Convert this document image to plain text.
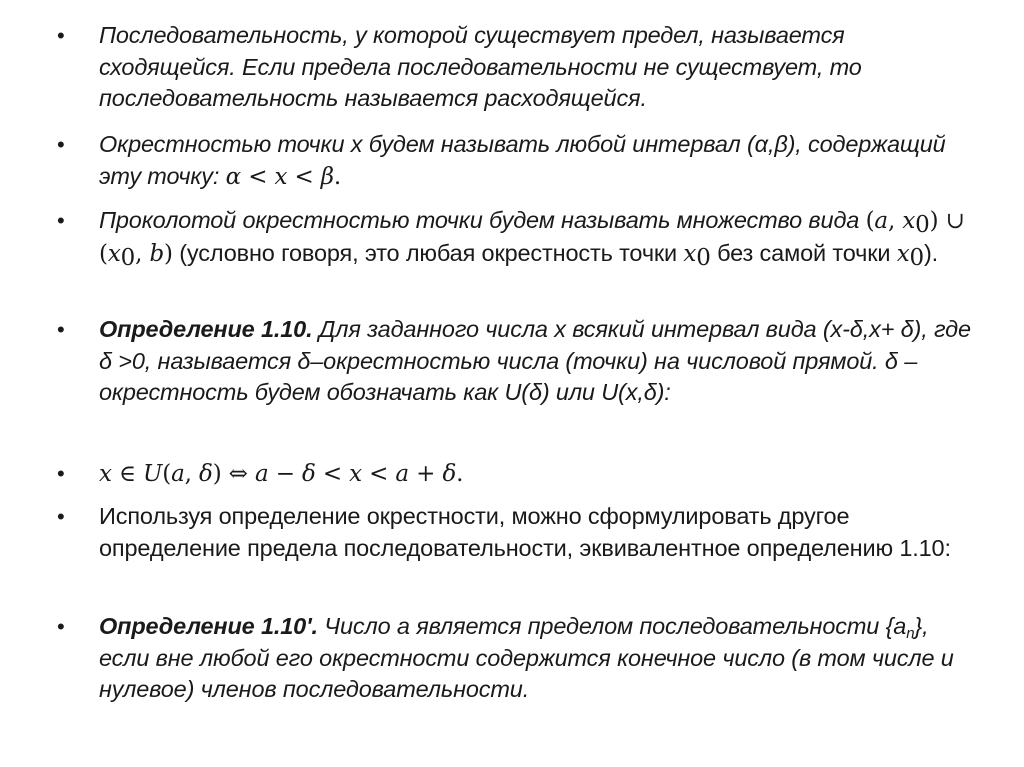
• Последовательность, у которой существует предел, называется сходящейся. Если предела последовательности не существует, то последовательность называется расходящейся.
• Окрестностью точки х будем называть любой интервал (α,β), содержащий эту точку: α < x < β.
• Проколотой окрестностью точки будем называть множество вида (a, $x_0$) ∪ ($x_0$, b) (условно говоря, это любая окрестность точки $x_0$ без самой точки $x_0$).
• Определение 1.10. Для заданного числа х всякий интервал вида (х-δ,х+ δ), где δ >0, называется δ–окрестностью числа (точки) на числовой прямой. δ –окрестность будем обозначать как U(δ) или U(х,δ):
• x ∈ U(a, δ) ⇔ a − δ < x < a + δ.
• Используя определение окрестности, можно сформулировать другое определение предела последовательности, эквивалентное определению 1.10:
• Определение 1.10'. Число a является пределом последовательности {an}, если вне любой его окрестности содержится конечное число (в том числе и нулевое) членов последовательности.
